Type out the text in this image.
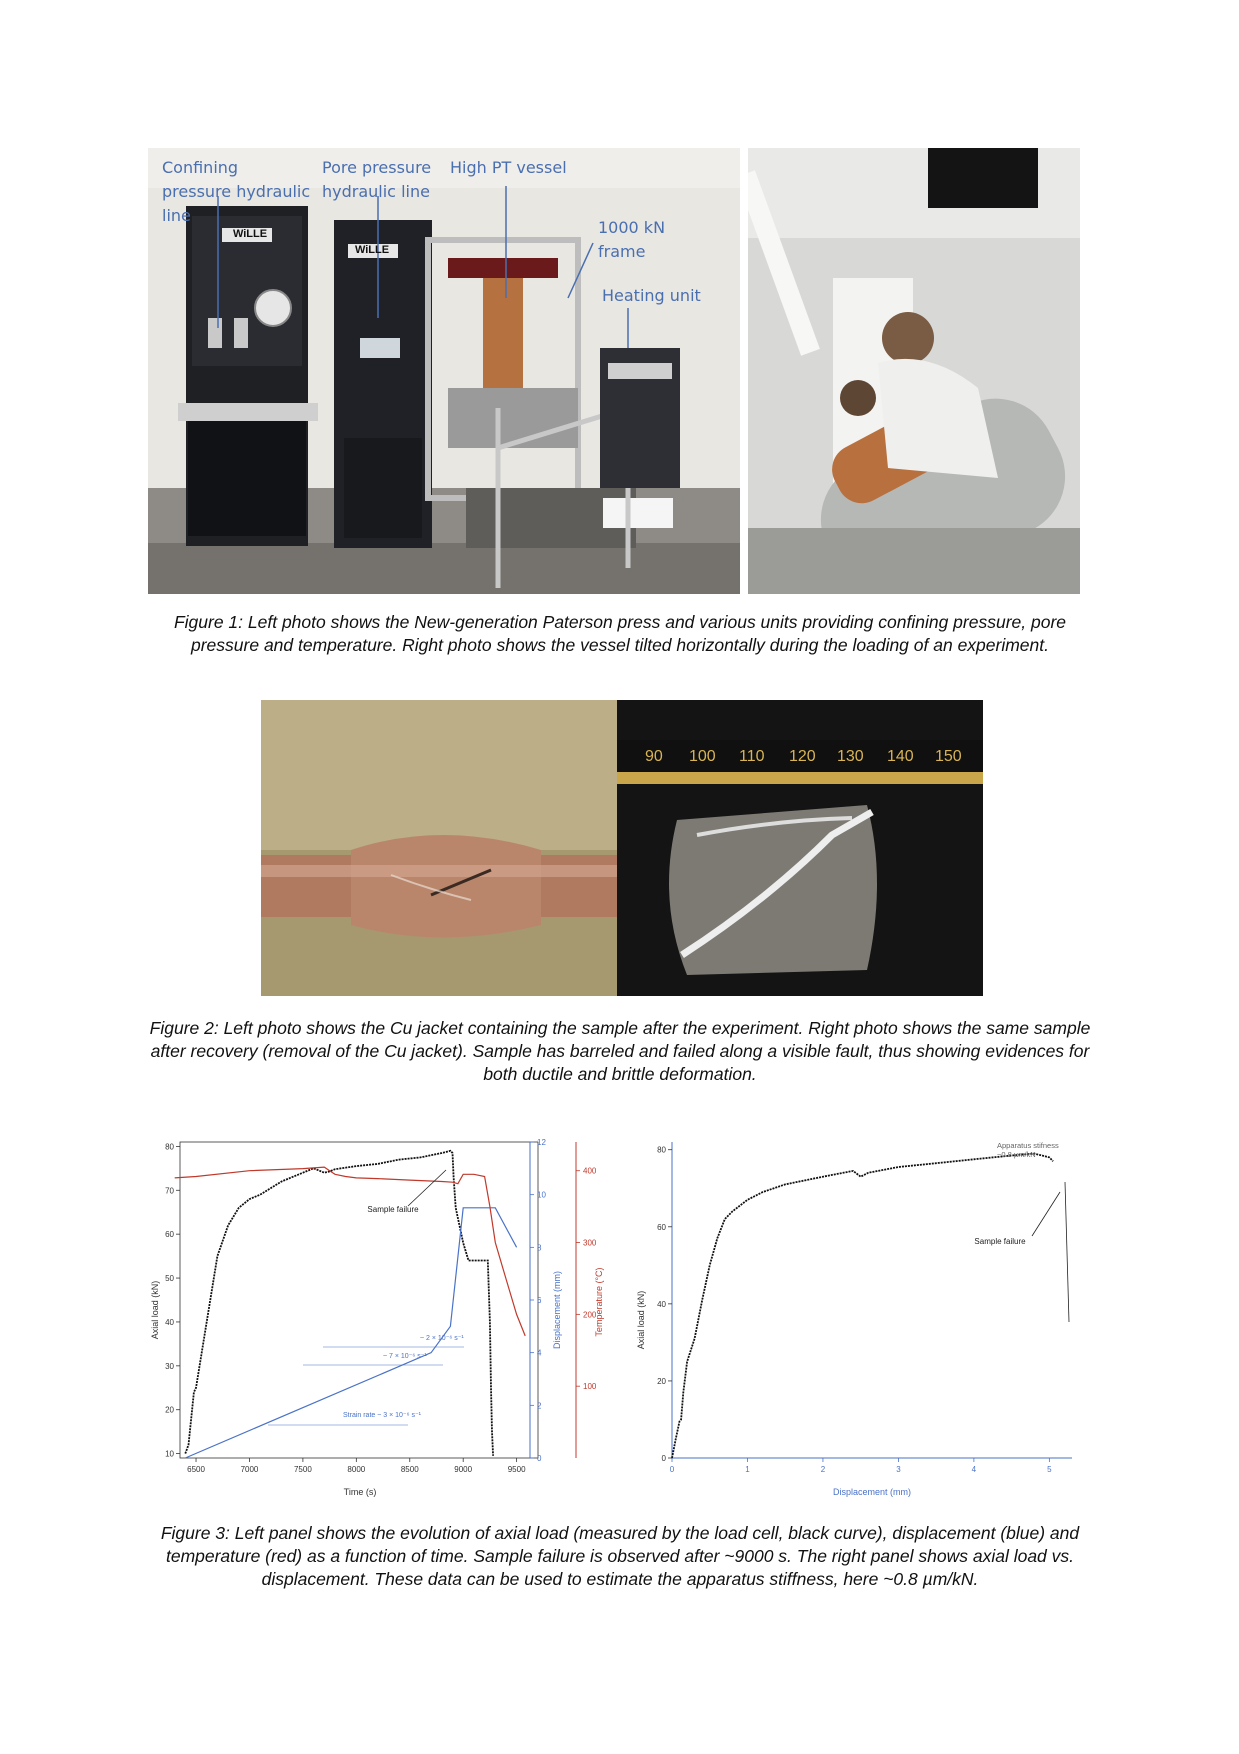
Confining pressure hydraulic line
Pore pressure hydraulic line
High PT vessel
1000 kN frame
Heating unit
WiLLE
WiLLE
Figure 1: Left photo shows the New-generation Paterson press and various units providing confining pressure, pore pressure and temperature. Right photo shows the vessel tilted horizontally during the loading of an experiment.
90 100 110 120 130 140 150
Figure 2: Left photo shows the Cu jacket containing the sample after the experiment. Right photo shows the same sample after recovery (removal of the Cu jacket). Sample has barreled and failed along a visible fault, thus showing evidences for both ductile and brittle deformation.
6500	7000	7500	8000	8500	9000	9500
10
20
30
40
50
60
70
80
0
2
4
6
8
10
12
100
200
300
400
Time (s)
Axial load (kN)	Displacement (mm)	Temperature (°C)
Sample failure
~ 2 × 10⁻⁶ s⁻¹
~ 7 × 10⁻⁶ s⁻¹
Strain rate ~ 3 × 10⁻⁶ s⁻¹
0	1	2	3	4	5
0
20
40
60
80
Displacement (mm)
Axial load (kN)
Sample failure
Apparatus stifness
~0.8 µm/kN
Figure 3: Left panel shows the evolution of axial load (measured by the load cell, black curve), displacement (blue) and temperature (red) as a function of time. Sample failure is observed after ~9000 s. The right panel shows axial load vs. displacement. These data can be used to estimate the apparatus stiffness, here ~0.8 µm/kN.
